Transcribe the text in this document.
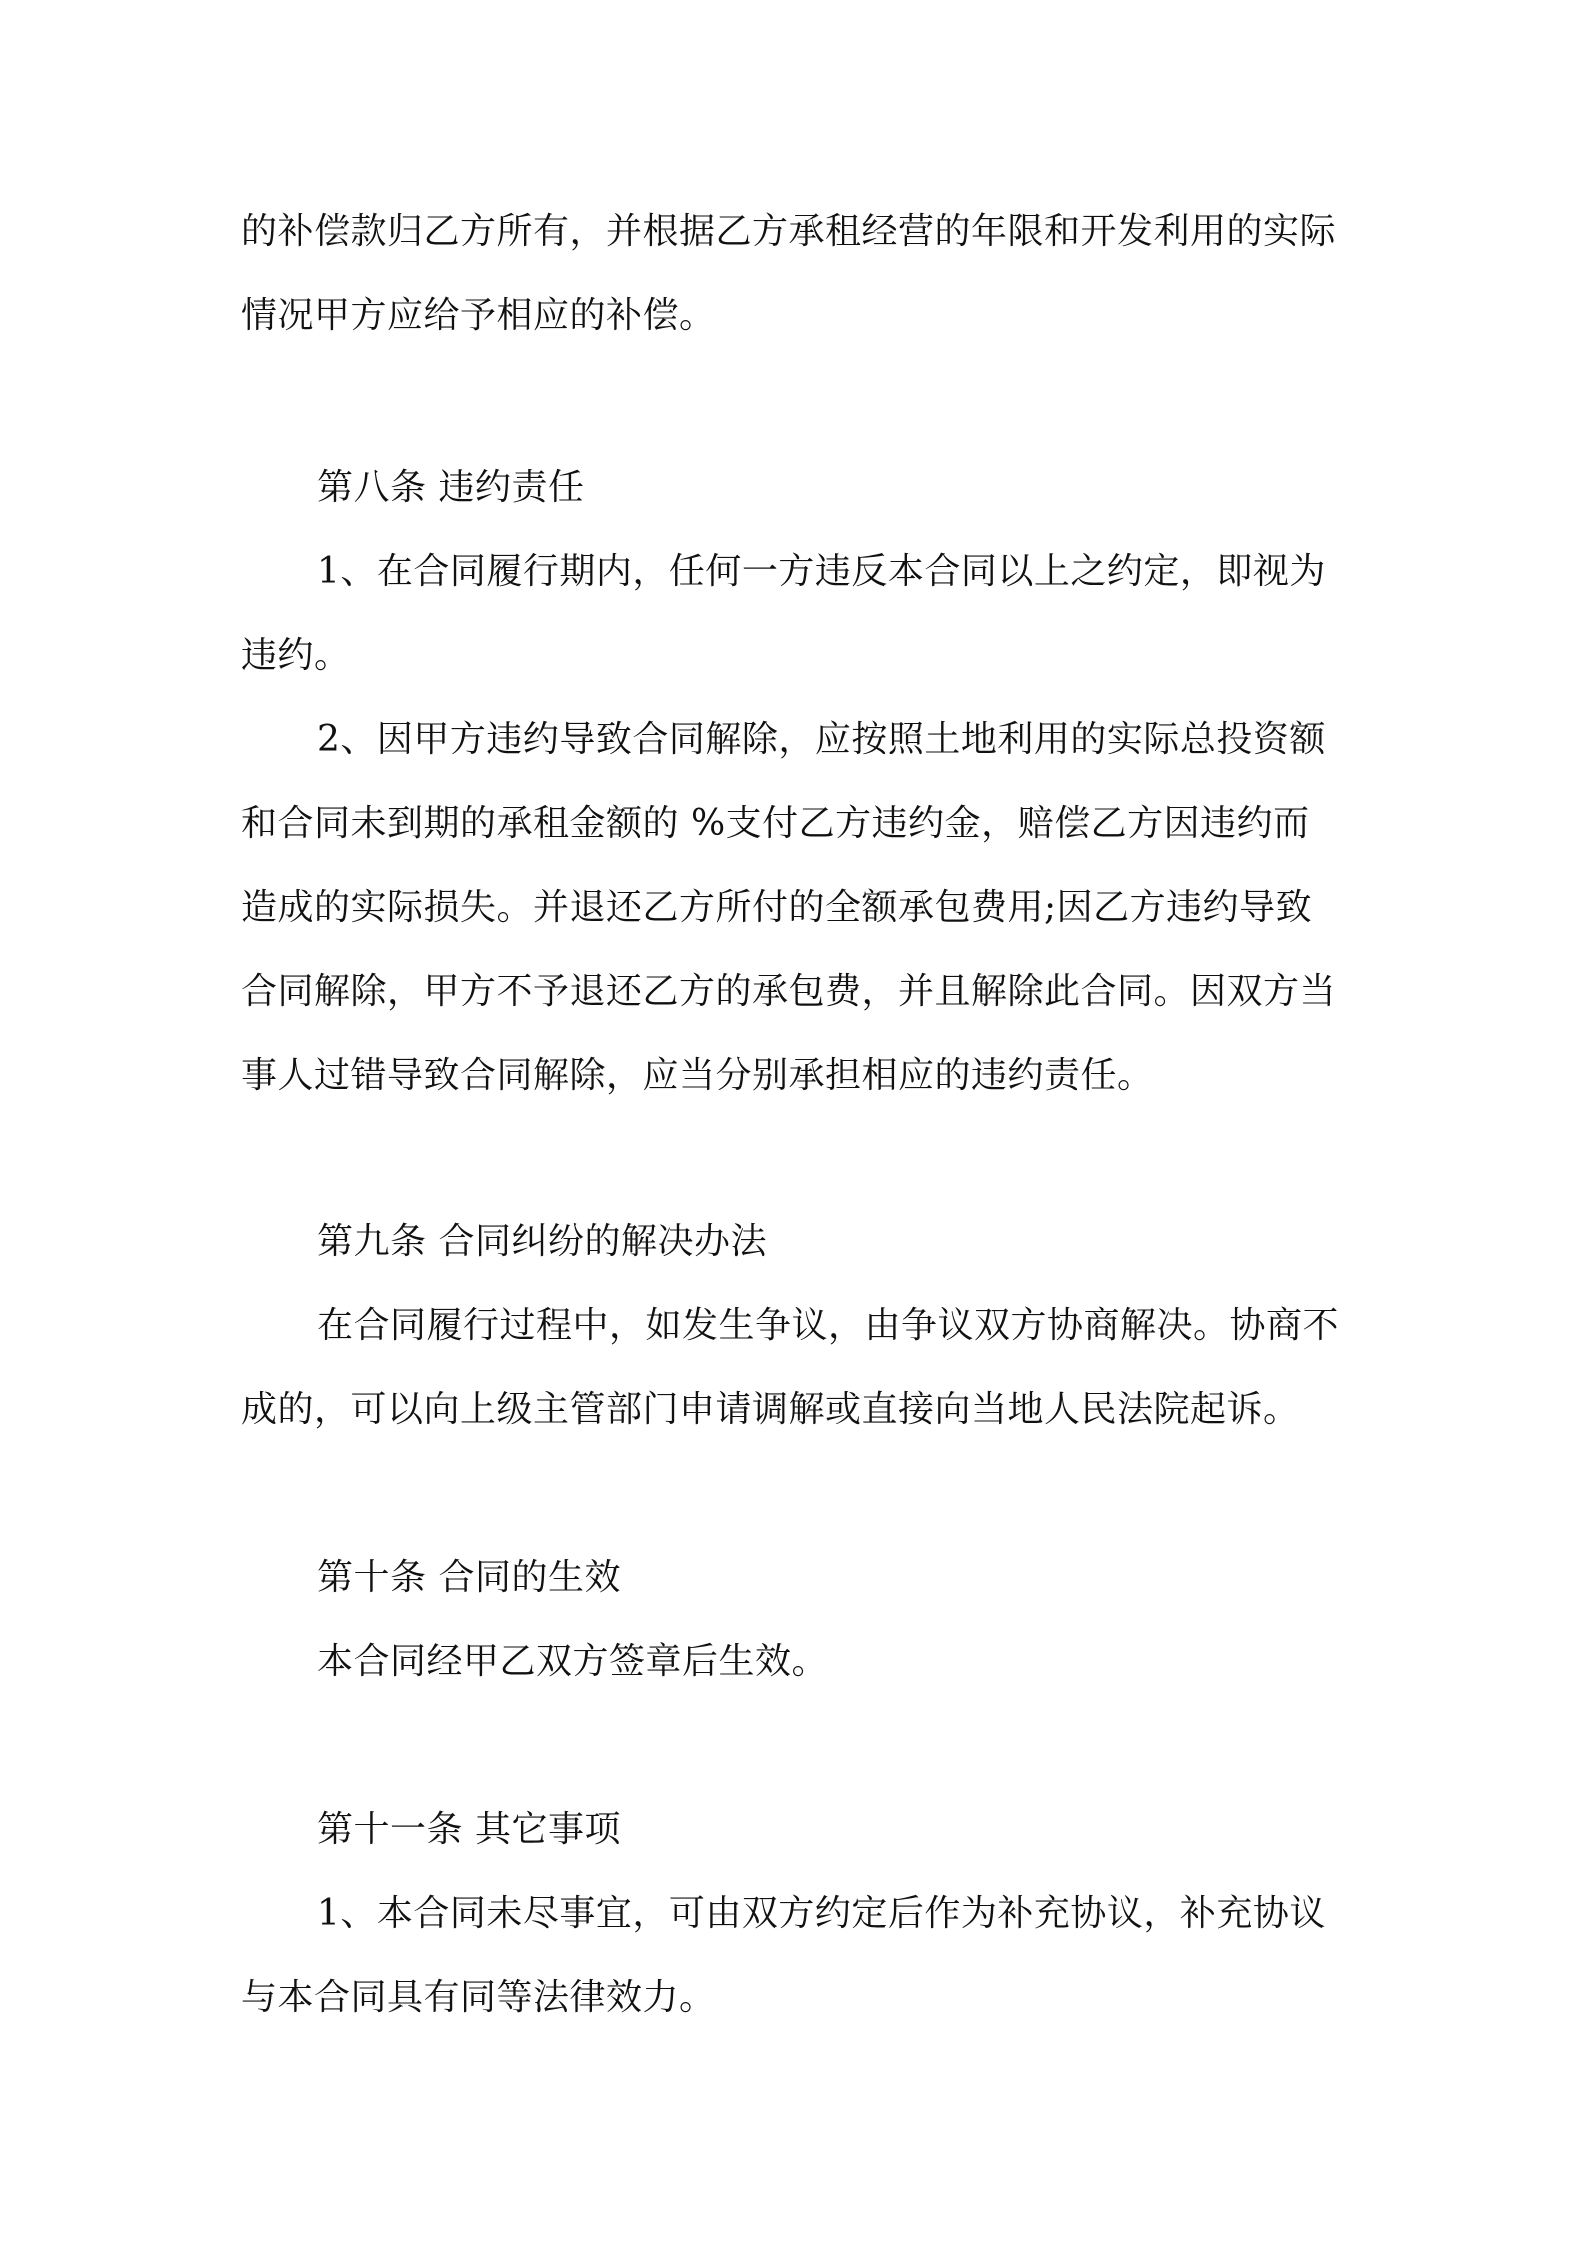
的补偿款归乙方所有，并根据乙方承租经营的年限和开发利用的实际
情况甲方应给予相应的补偿。
第八条 违约责任
1、在合同履行期内，任何一方违反本合同以上之约定，即视为
违约。
2、因甲方违约导致合同解除，应按照土地利用的实际总投资额
和合同未到期的承租金额的 %支付乙方违约金，赔偿乙方因违约而
造成的实际损失。并退还乙方所付的全额承包费用;因乙方违约导致
合同解除，甲方不予退还乙方的承包费，并且解除此合同。因双方当
事人过错导致合同解除，应当分别承担相应的违约责任。
第九条 合同纠纷的解决办法
在合同履行过程中，如发生争议，由争议双方协商解决。协商不
成的，可以向上级主管部门申请调解或直接向当地人民法院起诉。
第十条 合同的生效
本合同经甲乙双方签章后生效。
第十一条 其它事项
1、本合同未尽事宜，可由双方约定后作为补充协议，补充协议
与本合同具有同等法律效力。
